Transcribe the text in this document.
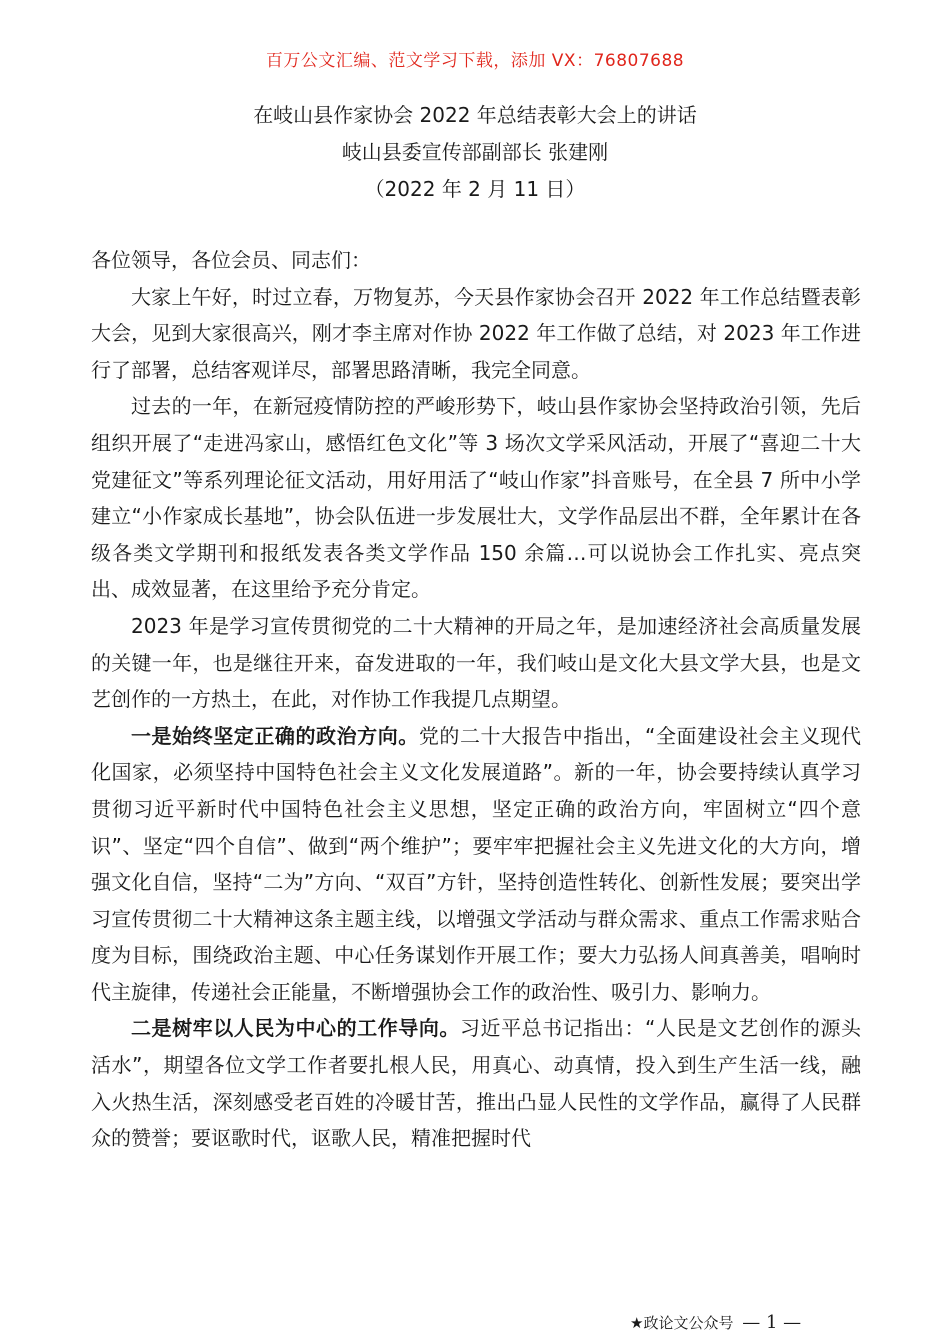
百万公文汇编、范文学习下载，添加 VX：76807688
在岐山县作家协会 2022 年总结表彰大会上的讲话
岐山县委宣传部副部长 张建刚
（2022 年 2 月 11 日）

各位领导，各位会员、同志们：

大家上午好，时过立春，万物复苏，今天县作家协会召开 2022 年工作总结暨表彰大会，见到大家很高兴，刚才李主席对作协 2022 年工作做了总结，对 2023 年工作进行了部署，总结客观详尽，部署思路清晰，我完全同意。

过去的一年，在新冠疫情防控的严峻形势下，岐山县作家协会坚持政治引领，先后组织开展了“走进冯家山，感悟红色文化”等 3 场次文学采风活动，开展了“喜迎二十大党建征文”等系列理论征文活动，用好用活了“岐山作家”抖音账号，在全县 7 所中小学建立“小作家成长基地”，协会队伍进一步发展壮大，文学作品层出不群，全年累计在各级各类文学期刊和报纸发表各类文学作品 150 余篇…可以说协会工作扎实、亮点突出、成效显著，在这里给予充分肯定。

2023 年是学习宣传贯彻党的二十大精神的开局之年，是加速经济社会高质量发展的关键一年，也是继往开来，奋发进取的一年，我们岐山是文化大县文学大县，也是文艺创作的一方热土，在此，对作协工作我提几点期望。

一是始终坚定正确的政治方向。党的二十大报告中指出，“全面建设社会主义现代化国家，必须坚持中国特色社会主义文化发展道路”。新的一年，协会要持续认真学习贯彻习近平新时代中国特色社会主义思想，坚定正确的政治方向，牢固树立“四个意识”、坚定“四个自信”、做到“两个维护”；要牢牢把握社会主义先进文化的大方向，增强文化自信，坚持“二为”方向、“双百”方针，坚持创造性转化、创新性发展；要突出学习宣传贯彻二十大精神这条主题主线，以增强文学活动与群众需求、重点工作需求贴合度为目标，围绕政治主题、中心任务谋划作开展工作；要大力弘扬人间真善美，唱响时代主旋律，传递社会正能量，不断增强协会工作的政治性、吸引力、影响力。

二是树牢以人民为中心的工作导向。习近平总书记指出：“人民是文艺创作的源头活水”，期望各位文学工作者要扎根人民，用真心、动真情，投入到生产生活一线，融入火热生活，深刻感受老百姓的冷暖甘苦，推出凸显人民性的文学作品，赢得了人民群众的赞誉；要讴歌时代，讴歌人民，精准把握时代

★政论文公众号 — 1 —
